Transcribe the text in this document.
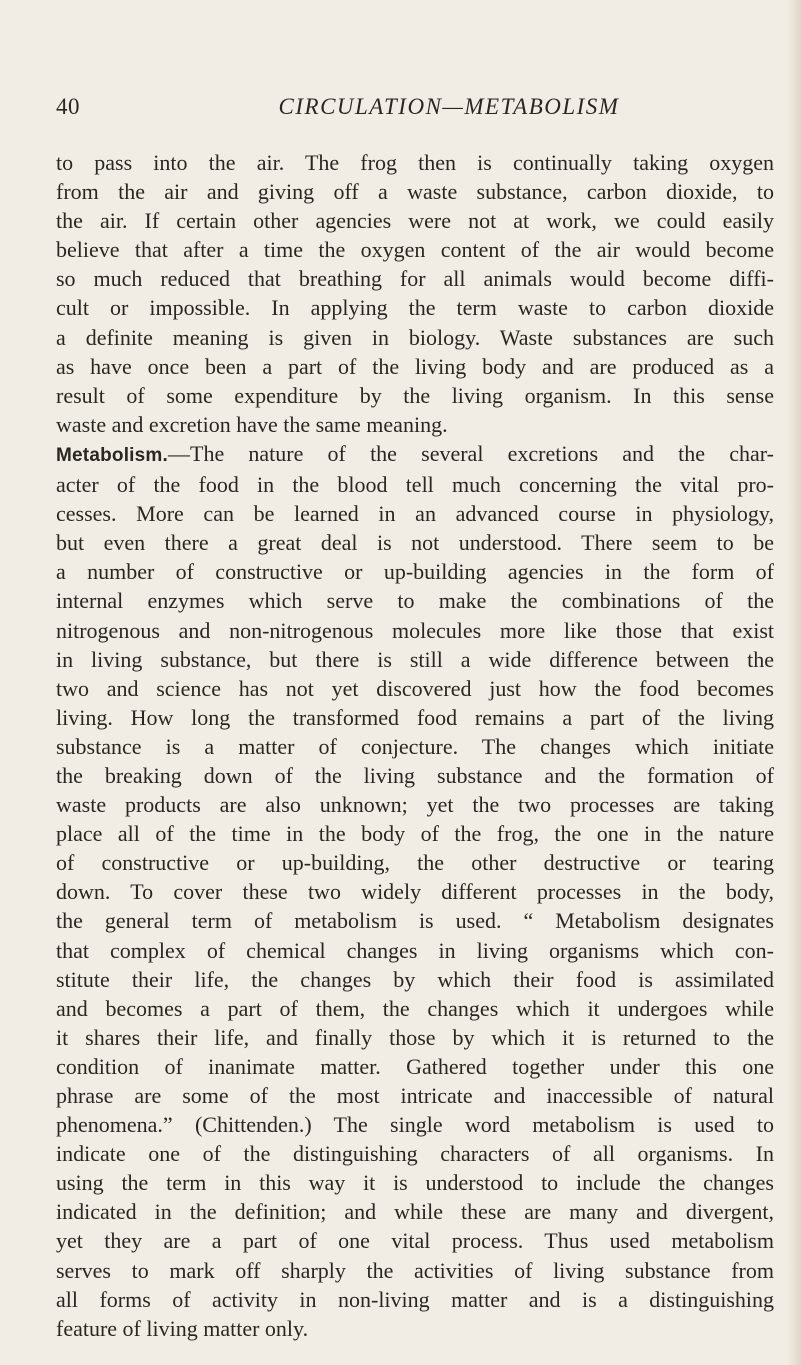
40	CIRCULATION—METABOLISM

to pass into the air. The frog then is continually taking oxygen

from the air and giving off a waste substance, carbon dioxide, to

the air. If certain other agencies were not at work, we could easily

believe that after a time the oxygen content of the air would become

so much reduced that breathing for all animals would become diffi-

cult or impossible. In applying the term waste to carbon dioxide

a definite meaning is given in biology. Waste substances are such

as have once been a part of the living body and are produced as a

result of some expenditure by the living organism. In this sense

waste and excretion have the same meaning.

Metabolism.—The nature of the several excretions and the char-

acter of the food in the blood tell much concerning the vital pro-

cesses. More can be learned in an advanced course in physiology,

but even there a great deal is not understood. There seem to be

a number of constructive or up-building agencies in the form of

internal enzymes which serve to make the combinations of the

nitrogenous and non-nitrogenous molecules more like those that exist

in living substance, but there is still a wide difference between the

two and science has not yet discovered just how the food becomes

living. How long the transformed food remains a part of the living

substance is a matter of conjecture. The changes which initiate

the breaking down of the living substance and the formation of

waste products are also unknown; yet the two processes are taking

place all of the time in the body of the frog, the one in the nature

of constructive or up-building, the other destructive or tearing

down. To cover these two widely different processes in the body,

the general term of metabolism is used. “ Metabolism designates

that complex of chemical changes in living organisms which con-

stitute their life, the changes by which their food is assimilated

and becomes a part of them, the changes which it undergoes while

it shares their life, and finally those by which it is returned to the

condition of inanimate matter. Gathered together under this one

phrase are some of the most intricate and inaccessible of natural

phenomena.” (Chittenden.) The single word metabolism is used to

indicate one of the distinguishing characters of all organisms. In

using the term in this way it is understood to include the changes

indicated in the definition; and while these are many and divergent,

yet they are a part of one vital process. Thus used metabolism

serves to mark off sharply the activities of living substance from

all forms of activity in non-living matter and is a distinguishing

feature of living matter only.
